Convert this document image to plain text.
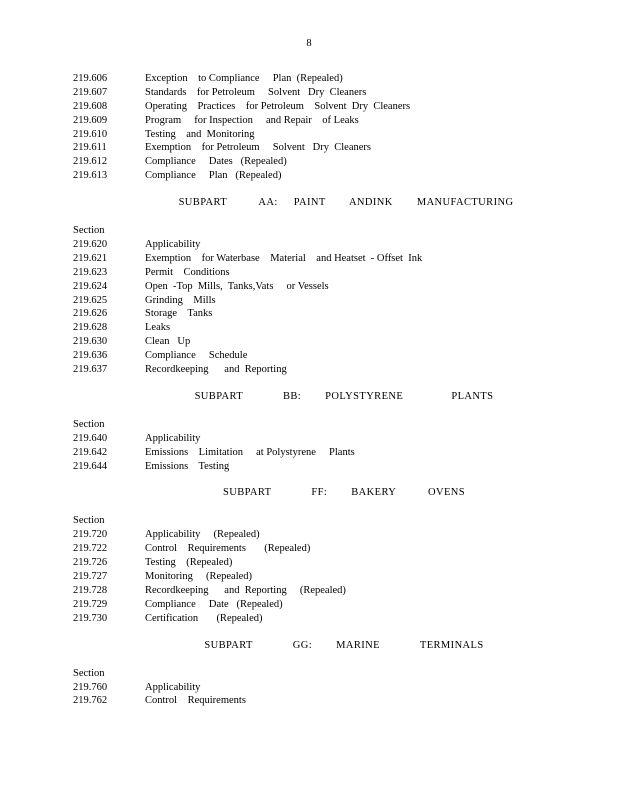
8
219.606	Exception    to Compliance     Plan  (Repealed)
219.607	Standards    for Petroleum     Solvent   Dry  Cleaners
219.608	Operating    Practices    for Petroleum    Solvent  Dry  Cleaners
219.609	Program     for Inspection     and Repair    of Leaks
219.610	Testing    and  Monitoring
219.611	Exemption    for Petroleum     Solvent   Dry  Cleaners
219.612	Compliance     Dates   (Repealed)
219.613	Compliance     Plan   (Repealed)
SUBPART    AA:  PAINT   ANDINK   MANUFACTURING
Section
219.620	Applicability
219.621	Exemption    for Waterbase    Material    and Heatset  - Offset  Ink
219.623	Permit    Conditions
219.624	Open  -Top  Mills,  Tanks,Vats     or Vessels
219.625	Grinding    Mills
219.626	Storage    Tanks
219.628	Leaks
219.630	Clean   Up
219.636	Compliance     Schedule
219.637	Recordkeeping      and  Reporting
SUBPART     BB:   POLYSTYRENE      PLANTS
Section
219.640	Applicability
219.642	Emissions    Limitation     at Polystyrene     Plants
219.644	Emissions    Testing
SUBPART     FF:   BAKERY    OVENS
Section
219.720	Applicability     (Repealed)
219.722	Control    Requirements       (Repealed)
219.726	Testing    (Repealed)
219.727	Monitoring     (Repealed)
219.728	Recordkeeping      and  Reporting     (Repealed)
219.729	Compliance     Date   (Repealed)
219.730	Certification       (Repealed)
SUBPART     GG:   MARINE     TERMINALS
Section
219.760	Applicability
219.762	Control    Requirements
